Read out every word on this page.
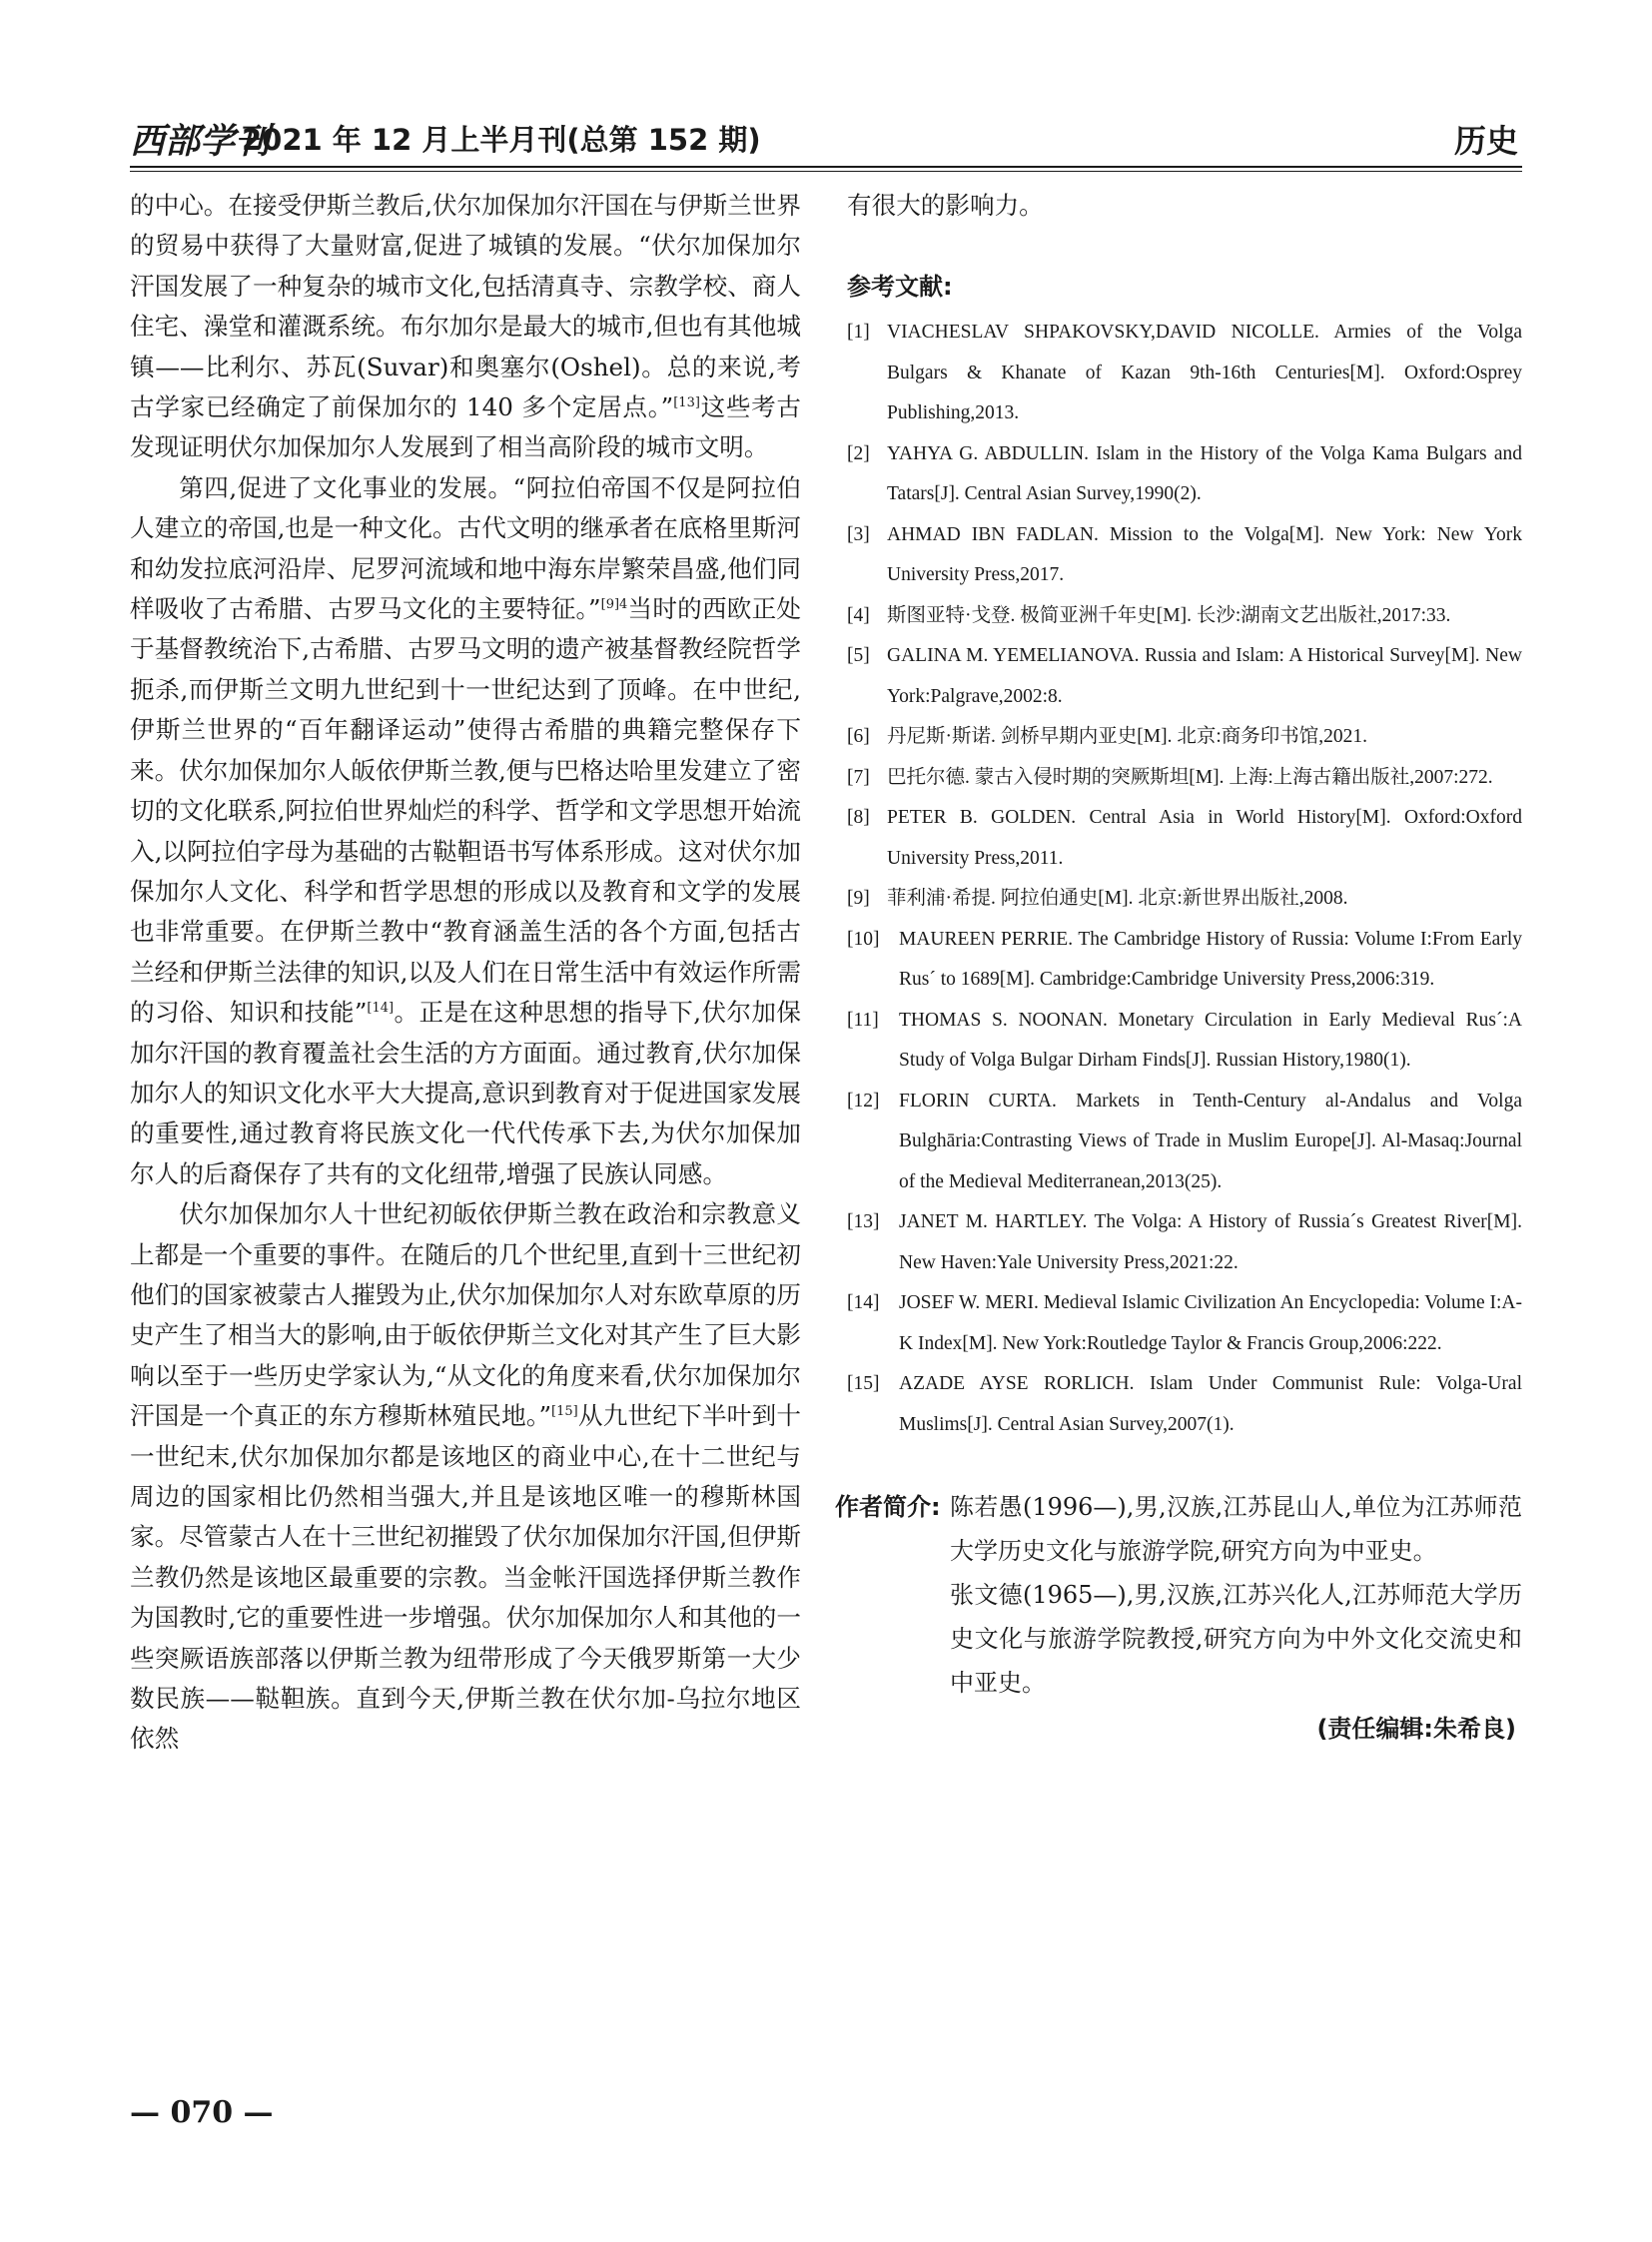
西部学刊
2021 年 12 月上半月刊(总第 152 期)	历史

的中心。在接受伊斯兰教后,伏尔加保加尔汗国在与伊斯兰世界的贸易中获得了大量财富,促进了城镇的发展。“伏尔加保加尔汗国发展了一种复杂的城市文化,包括清真寺、宗教学校、商人住宅、澡堂和灌溉系统。布尔加尔是最大的城市,但也有其他城镇——比利尔、苏瓦(Suvar)和奥塞尔(Oshel)。总的来说,考古学家已经确定了前保加尔的 140 多个定居点。”[13]这些考古发现证明伏尔加保加尔人发展到了相当高阶段的城市文明。

第四,促进了文化事业的发展。“阿拉伯帝国不仅是阿拉伯人建立的帝国,也是一种文化。古代文明的继承者在底格里斯河和幼发拉底河沿岸、尼罗河流域和地中海东岸繁荣昌盛,他们同样吸收了古希腊、古罗马文化的主要特征。”$^{[9]4}$当时的西欧正处于基督教统治下,古希腊、古罗马文明的遗产被基督教经院哲学扼杀,而伊斯兰文明九世纪到十一世纪达到了顶峰。在中世纪,伊斯兰世界的“百年翻译运动”使得古希腊的典籍完整保存下来。伏尔加保加尔人皈依伊斯兰教,便与巴格达哈里发建立了密切的文化联系,阿拉伯世界灿烂的科学、哲学和文学思想开始流入,以阿拉伯字母为基础的古鞑靼语书写体系形成。这对伏尔加保加尔人文化、科学和哲学思想的形成以及教育和文学的发展也非常重要。在伊斯兰教中“教育涵盖生活的各个方面,包括古兰经和伊斯兰法律的知识,以及人们在日常生活中有效运作所需的习俗、知识和技能”[14]。正是在这种思想的指导下,伏尔加保加尔汗国的教育覆盖社会生活的方方面面。通过教育,伏尔加保加尔人的知识文化水平大大提高,意识到教育对于促进国家发展的重要性,通过教育将民族文化一代代传承下去,为伏尔加保加尔人的后裔保存了共有的文化纽带,增强了民族认同感。

伏尔加保加尔人十世纪初皈依伊斯兰教在政治和宗教意义上都是一个重要的事件。在随后的几个世纪里,直到十三世纪初他们的国家被蒙古人摧毁为止,伏尔加保加尔人对东欧草原的历史产生了相当大的影响,由于皈依伊斯兰文化对其产生了巨大影响以至于一些历史学家认为,“从文化的角度来看,伏尔加保加尔汗国是一个真正的东方穆斯林殖民地。”[15]从九世纪下半叶到十一世纪末,伏尔加保加尔都是该地区的商业中心,在十二世纪与周边的国家相比仍然相当强大,并且是该地区唯一的穆斯林国家。尽管蒙古人在十三世纪初摧毁了伏尔加保加尔汗国,但伊斯兰教仍然是该地区最重要的宗教。当金帐汗国选择伊斯兰教作为国教时,它的重要性进一步增强。伏尔加保加尔人和其他的一些突厥语族部落以伊斯兰教为纽带形成了今天俄罗斯第一大少数民族——鞑靼族。直到今天,伊斯兰教在伏尔加-乌拉尔地区依然

有很大的影响力。

参考文献:
[1] VIACHESLAV SHPAKOVSKY,DAVID NICOLLE. Armies of the Volga Bulgars & Khanate of Kazan 9th-16th Centuries[M]. Oxford:Osprey Publishing,2013.
[2] YAHYA G. ABDULLIN. Islam in the History of the Volga Kama Bulgars and Tatars[J]. Central Asian Survey,1990(2).
[3] AHMAD IBN FADLAN. Mission to the Volga[M]. New York: New York University Press,2017.
[4] 斯图亚特·戈登. 极简亚洲千年史[M]. 长沙:湖南文艺出版社,2017:33.
[5] GALINA M. YEMELIANOVA. Russia and Islam: A Historical Survey[M]. New York:Palgrave,2002:8.
[6] 丹尼斯·斯诺. 剑桥早期内亚史[M]. 北京:商务印书馆,2021.
[7] 巴托尔德. 蒙古入侵时期的突厥斯坦[M]. 上海:上海古籍出版社,2007:272.
[8] PETER B. GOLDEN. Central Asia in World History[M]. Oxford:Oxford University Press,2011.
[9] 菲利浦·希提. 阿拉伯通史[M]. 北京:新世界出版社,2008.
[10] MAUREEN PERRIE. The Cambridge History of Russia: Volume I:From Early Rus´ to 1689[M]. Cambridge:Cambridge University Press,2006:319.
[11] THOMAS S. NOONAN. Monetary Circulation in Early Medieval Rus´:A Study of Volga Bulgar Dirham Finds[J]. Russian History,1980(1).
[12] FLORIN CURTA. Markets in Tenth-Century al-Andalus and Volga Bulghāria:Contrasting Views of Trade in Muslim Europe[J]. Al-Masaq:Journal of the Medieval Mediterranean,2013(25).
[13] JANET M. HARTLEY. The Volga: A History of Russia´s Greatest River[M]. New Haven:Yale University Press,2021:22.
[14] JOSEF W. MERI. Medieval Islamic Civilization An Encyclopedia: Volume I:A-K Index[M]. New York:Routledge Taylor & Francis Group,2006:222.
[15] AZADE AYSE RORLICH. Islam Under Communist Rule: Volga-Ural Muslims[J]. Central Asian Survey,2007(1).
作者简介: 陈若愚(1996—),男,汉族,江苏昆山人,单位为江苏师范大学历史文化与旅游学院,研究方向为中亚史。

张文德(1965—),男,汉族,江苏兴化人,江苏师范大学历史文化与旅游学院教授,研究方向为中外文化交流史和中亚史。

(责任编辑:朱希良)
— 070 —
